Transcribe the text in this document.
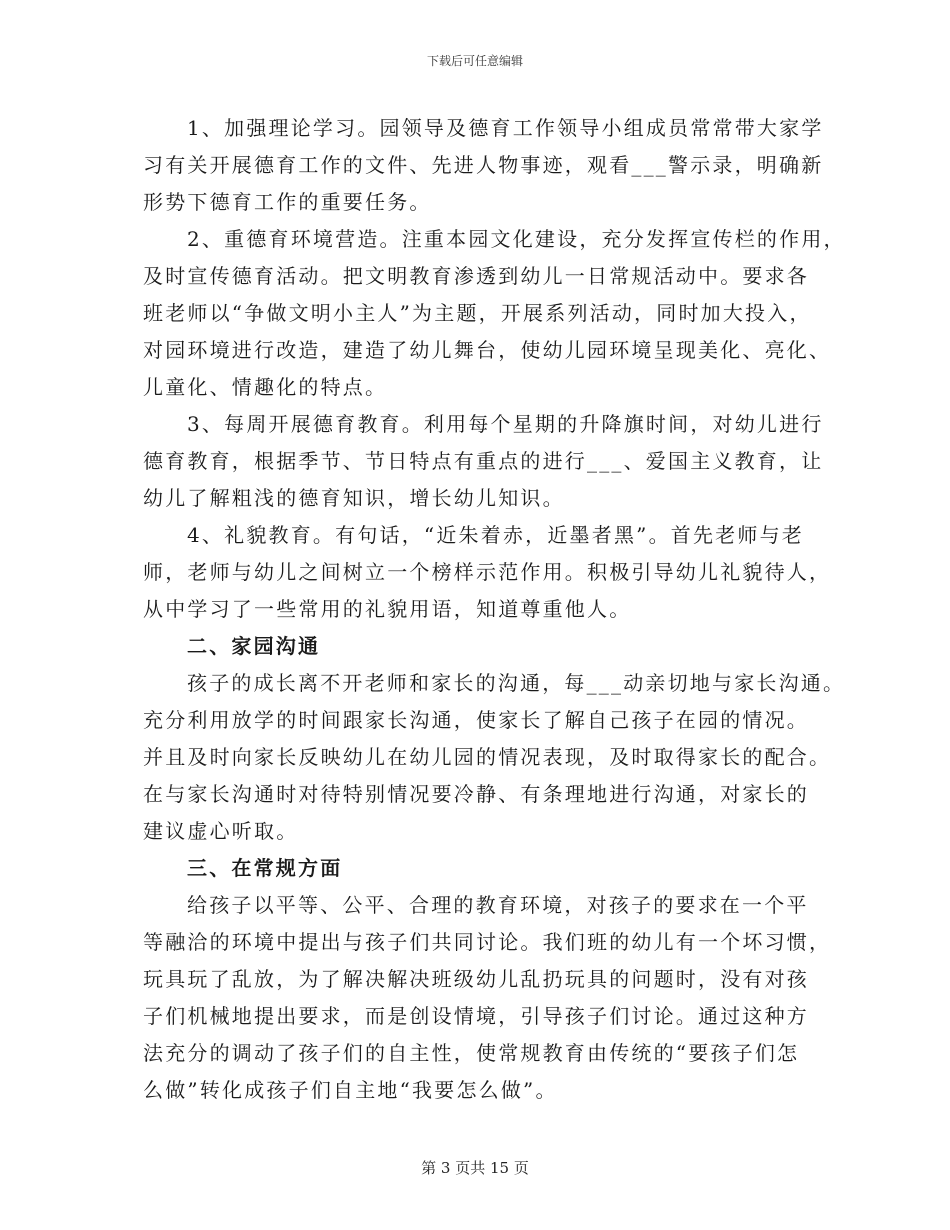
下载后可任意编辑
1、加强理论学习。园领导及德育工作领导小组成员常常带大家学
习有关开展德育工作的文件、先进人物事迹，观看___警示录，明确新
形势下德育工作的重要任务。
2、重德育环境营造。注重本园文化建设，充分发挥宣传栏的作用，
及时宣传德育活动。把文明教育渗透到幼儿一日常规活动中。要求各
班老师以“争做文明小主人”为主题，开展系列活动，同时加大投入，
对园环境进行改造，建造了幼儿舞台，使幼儿园环境呈现美化、亮化、
儿童化、情趣化的特点。
3、每周开展德育教育。利用每个星期的升降旗时间，对幼儿进行
德育教育，根据季节、节日特点有重点的进行___、爱国主义教育，让
幼儿了解粗浅的德育知识，增长幼儿知识。
4、礼貌教育。有句话，“近朱着赤，近墨者黑”。首先老师与老
师，老师与幼儿之间树立一个榜样示范作用。积极引导幼儿礼貌待人，
从中学习了一些常用的礼貌用语，知道尊重他人。
二、家园沟通
孩子的成长离不开老师和家长的沟通，每___动亲切地与家长沟通。
充分利用放学的时间跟家长沟通，使家长了解自己孩子在园的情况。
并且及时向家长反映幼儿在幼儿园的情况表现，及时取得家长的配合。
在与家长沟通时对待特别情况要冷静、有条理地进行沟通，对家长的
建议虚心听取。
三、在常规方面
给孩子以平等、公平、合理的教育环境，对孩子的要求在一个平
等融洽的环境中提出与孩子们共同讨论。我们班的幼儿有一个坏习惯，
玩具玩了乱放，为了解决解决班级幼儿乱扔玩具的问题时，没有对孩
子们机械地提出要求，而是创设情境，引导孩子们讨论。通过这种方
法充分的调动了孩子们的自主性，使常规教育由传统的“要孩子们怎
么做”转化成孩子们自主地“我要怎么做”。
第 3 页共 15 页
